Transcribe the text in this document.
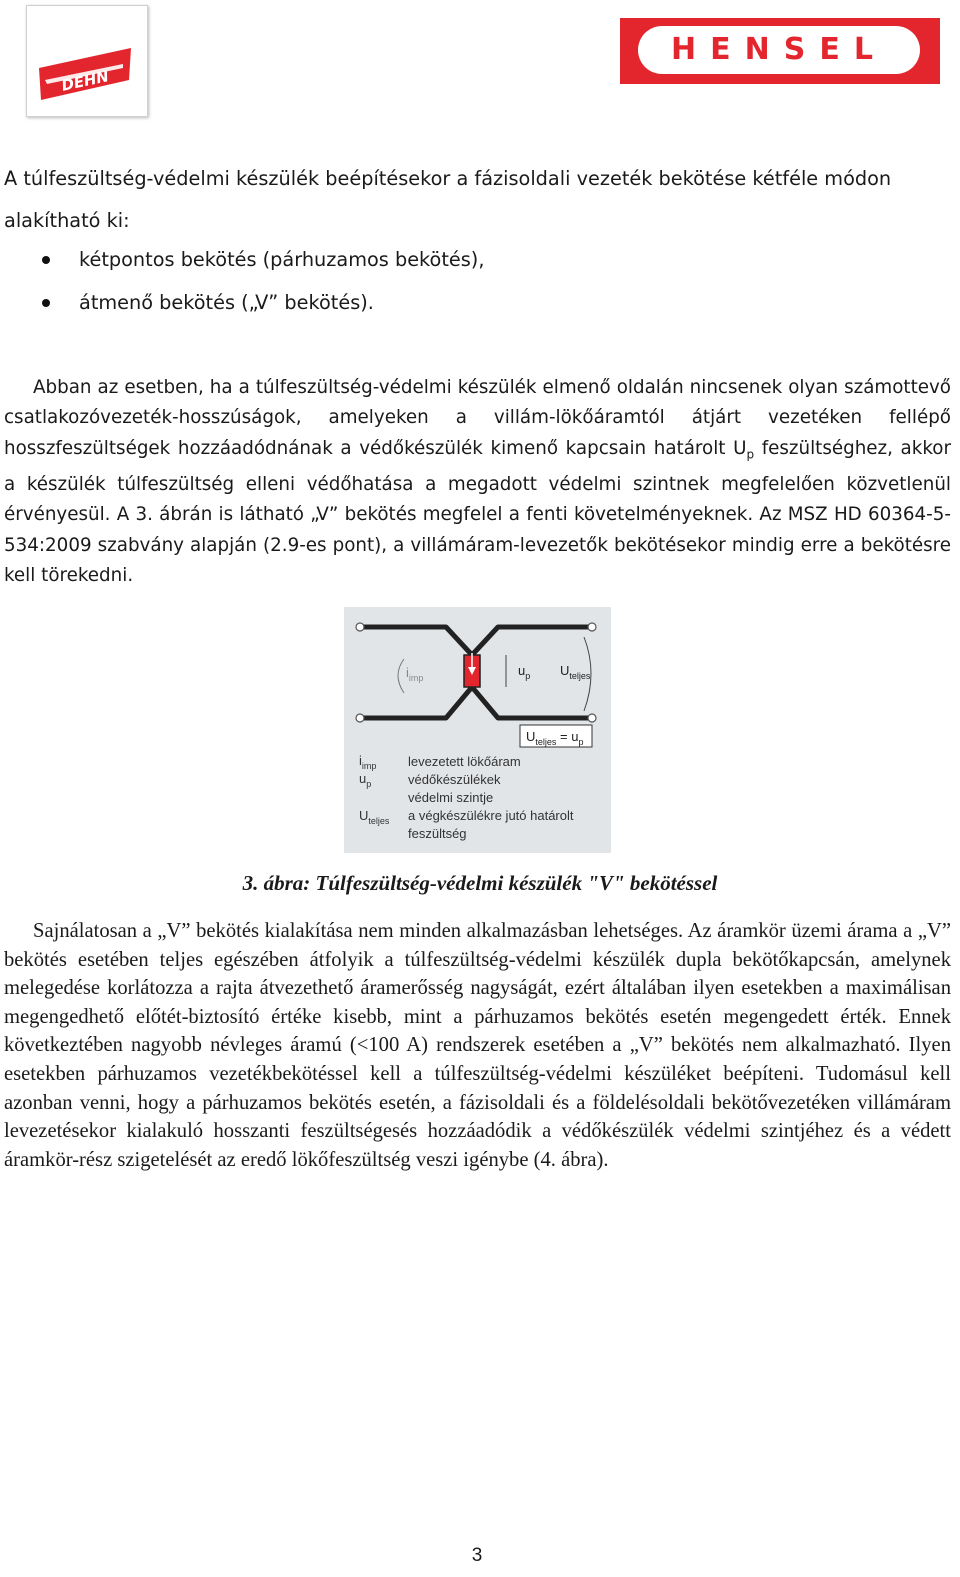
DEHN
HENSEL
A túlfeszültség-védelmi készülék beépítésekor a fázisoldali vezeték bekötése kétféle módon alakítható ki:
kétpontos bekötés (párhuzamos bekötés),
átmenő bekötés („V” bekötés).

Abban az esetben, ha a túlfeszültség-védelmi készülék elmenő oldalán nincsenek olyan számottevő csatlakozóvezeték-hosszúságok, amelyeken a villám-lökőáramtól átjárt vezetéken fellépő hosszfeszültségek hozzáadódnának a védőkészülék kimenő kapcsain határolt $U_p$ feszültséghez, akkor a készülék túlfeszültség elleni védőhatása a megadott védelmi szintnek megfelelően közvetlenül érvényesül. A 3. ábrán is látható „V” bekötés megfelel a fenti követelményeknek. Az MSZ HD 60364-5-534:2009 szabvány alapján (2.9-es pont), a villámáram-levezetők bekötésekor mindig erre a bekötésre kell törekedni.

$i_{imp}$	$u_p$ $U_{teljes}$
$U_{teljes} = u_p$
$i_{imp}$
$u_p$
$U_{teljes}$
levezetett lökőáram
védőkészülékek
védelmi szintje
a végkészülékre jutó határolt
feszültség
3. ábra: Túlfeszültség-védelmi készülék "V" bekötéssel

Sajnálatosan a „V” bekötés kialakítása nem minden alkalmazásban lehetséges. Az áramkör üzemi árama a „V” bekötés esetében teljes egészében átfolyik a túlfeszültség-védelmi készülék dupla bekötőkapcsán, amelynek melegedése korlátozza a rajta átvezethető áramerősség nagyságát, ezért általában ilyen esetekben a maximálisan megengedhető előtét-biztosító értéke kisebb, mint a párhuzamos bekötés esetén megengedett érték. Ennek következtében nagyobb névleges áramú (<100 A) rendszerek esetében a „V” bekötés nem alkalmazható. Ilyen esetekben párhuzamos vezetékbekötéssel kell a túlfeszültség-védelmi készüléket beépíteni. Tudomásul kell azonban venni, hogy a párhuzamos bekötés esetén, a fázisoldali és a földelésoldali bekötővezetéken villámáram levezetésekor kialakuló hosszanti feszültségesés hozzáadódik a védőkészülék védelmi szintjéhez és a védett áramkör-rész szigetelését az eredő lökőfeszültség veszi igénybe (4. ábra).

3
